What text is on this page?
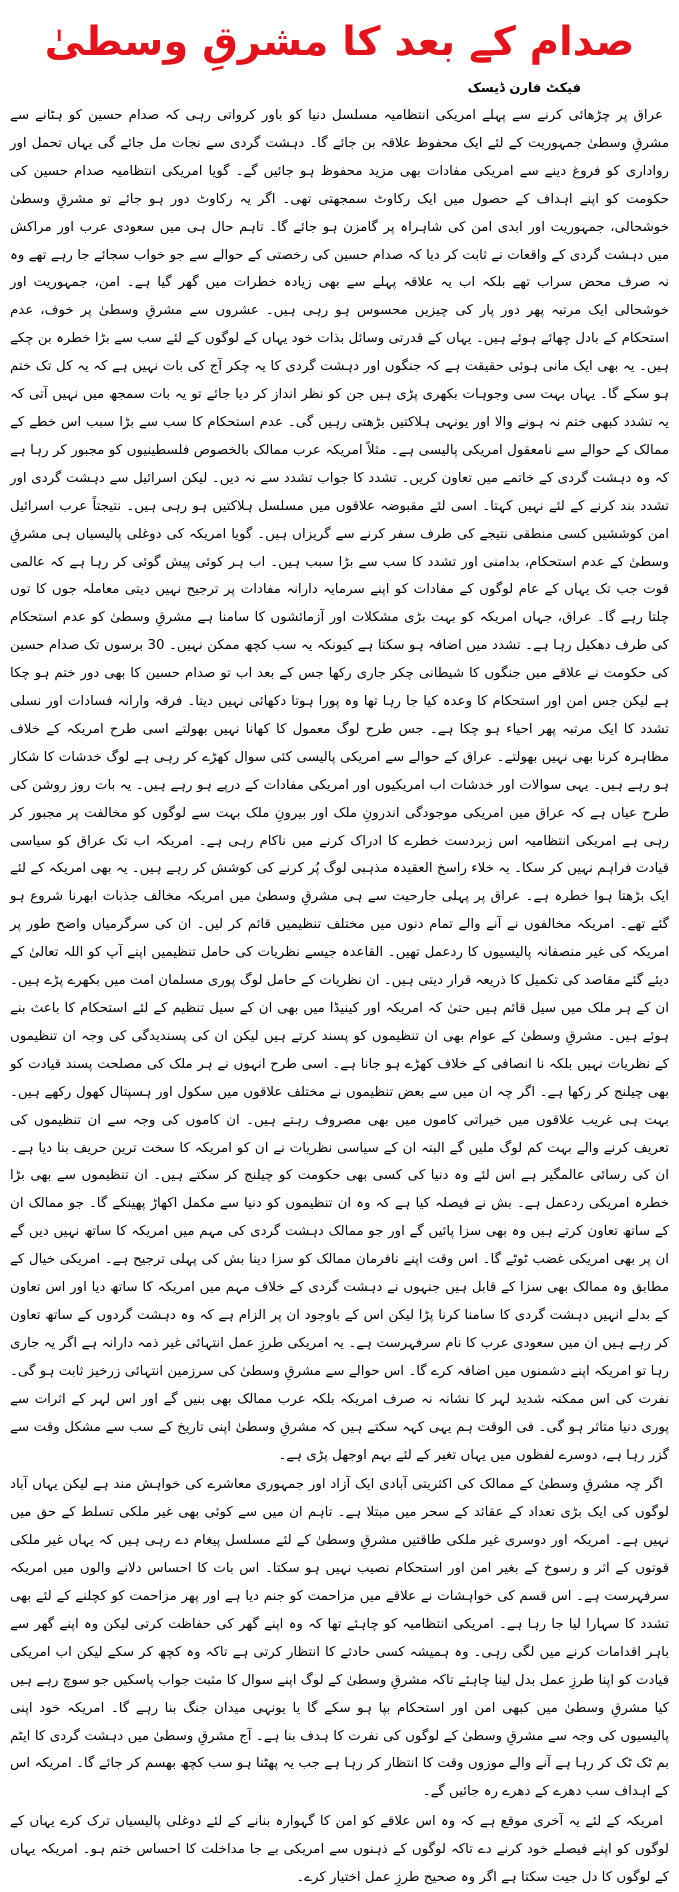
صدام کے بعد کا مشرقِ وسطیٰ
فیکٹ فارن ڈیسک

عراق پر چڑھائی کرنے سے پہلے امریکی انتظامیہ مسلسل دنیا کو باور کرواتی رہی کہ صدام حسین کو ہٹانے سے مشرقِ وسطیٰ جمہوریت کے لئے ایک محفوظ علاقہ بن جائے گا۔ دہشت گردی سے نجات مل جائے گی یہاں تحمل اور رواداری کو فروغ دینے سے امریکی مفادات بھی مزید محفوظ ہو جائیں گے۔ گویا امریکی انتظامیہ صدام حسین کی حکومت کو اپنے اہداف کے حصول میں ایک رکاوٹ سمجھتی تھی۔ اگر یہ رکاوٹ دور ہو جائے تو مشرقِ وسطیٰ خوشحالی، جمہوریت اور ابدی امن کی شاہراہ پر گامزن ہو جائے گا۔ تاہم حال ہی میں سعودی عرب اور مراکش میں دہشت گردی کے واقعات نے ثابت کر دیا کہ صدام حسین کی رخصتی کے حوالے سے جو خواب سجائے جا رہے تھے وہ نہ صرف محض سراب تھے بلکہ اب یہ علاقہ پہلے سے بھی زیادہ خطرات میں گھر گیا ہے۔ امن، جمہوریت اور خوشحالی ایک مرتبہ پھر دور پار کی چیزیں محسوس ہو رہی ہیں۔ عشروں سے مشرقِ وسطیٰ پر خوف، عدم استحکام کے بادل چھائے ہوئے ہیں۔ یہاں کے قدرتی وسائل بذات خود یہاں کے لوگوں کے لئے سب سے بڑا خطرہ بن چکے ہیں۔ یہ بھی ایک مانی ہوئی حقیقت ہے کہ جنگوں اور دہشت گردی کا یہ چکر آج کی بات نہیں ہے کہ یہ کل تک ختم ہو سکے گا۔ یہاں بہت سی وجوہات بکھری پڑی ہیں جن کو نظر انداز کر دیا جائے تو یہ بات سمجھ میں نہیں آتی کہ یہ تشدد کبھی ختم نہ ہونے والا اور یونہی ہلاکتیں بڑھتی رہیں گی۔ عدم استحکام کا سب سے بڑا سبب اس خطے کے ممالک کے حوالے سے نامعقول امریکی پالیسی ہے۔ مثلاً امریکہ عرب ممالک بالخصوص فلسطینیوں کو مجبور کر رہا ہے کہ وہ دہشت گردی کے خاتمے میں تعاون کریں۔ تشدد کا جواب تشدد سے نہ دیں۔ لیکن اسرائیل سے دہشت گردی اور تشدد بند کرنے کے لئے نہیں کہتا۔ اسی لئے مقبوضہ علاقوں میں مسلسل ہلاکتیں ہو رہی ہیں۔ نتیجتاً عرب اسرائیل امن کوششیں کسی منطقی نتیجے کی طرف سفر کرنے سے گریزاں ہیں۔ گویا امریکہ کی دوغلی پالیسیاں ہی مشرقِ وسطیٰ کے عدم استحکام، بدامنی اور تشدد کا سب سے بڑا سبب ہیں۔ اب ہر کوئی پیش گوئی کر رہا ہے کہ عالمی قوت جب تک یہاں کے عام لوگوں کے مفادات کو اپنے سرمایہ دارانہ مفادات پر ترجیح نہیں دیتی معاملہ جوں کا توں چلتا رہے گا۔ عراق، جہاں امریکہ کو بہت بڑی مشکلات اور آزمائشوں کا سامنا ہے مشرقِ وسطیٰ کو عدم استحکام کی طرف دھکیل رہا ہے۔ تشدد میں اضافہ ہو سکتا ہے کیونکہ یہ سب کچھ ممکن نہیں۔ 30 برسوں تک صدام حسین کی حکومت نے علاقے میں جنگوں کا شیطانی چکر جاری رکھا جس کے بعد اب تو صدام حسین کا بھی دور ختم ہو چکا ہے لیکن جس امن اور استحکام کا وعدہ کیا جا رہا تھا وہ پورا ہوتا دکھائی نہیں دیتا۔ فرقہ وارانہ فسادات اور نسلی تشدد کا ایک مرتبہ پھر احیاء ہو چکا ہے۔ جس طرح لوگ معمول کا کھانا نہیں بھولتے اسی طرح امریکہ کے خلاف مظاہرہ کرنا بھی نہیں بھولتے۔ عراق کے حوالے سے امریکی پالیسی کئی سوال کھڑے کر رہی ہے لوگ خدشات کا شکار ہو رہے ہیں۔ یہی سوالات اور خدشات اب امریکیوں اور امریکی مفادات کے درپے ہو رہے ہیں۔ یہ بات روز روشن کی طرح عیاں ہے کہ عراق میں امریکی موجودگی اندرونِ ملک اور بیرونِ ملک بہت سے لوگوں کو مخالفت پر مجبور کر رہی ہے امریکی انتظامیہ اس زبردست خطرے کا ادراک کرنے میں ناکام رہی ہے۔ امریکہ اب تک عراق کو سیاسی قیادت فراہم نہیں کر سکا۔ یہ خلاء راسخ العقیدہ مذہبی لوگ پُر کرنے کی کوشش کر رہے ہیں۔ یہ بھی امریکہ کے لئے ایک بڑھتا ہوا خطرہ ہے۔ عراق پر پہلی جارحیت سے ہی مشرقِ وسطیٰ میں امریکہ مخالف جذبات ابھرنا شروع ہو گئے تھے۔ امریکہ مخالفوں نے آنے والے تمام دنوں میں مختلف تنظیمیں قائم کر لیں۔ ان کی سرگرمیاں واضح طور پر امریکہ کی غیر منصفانہ پالیسیوں کا ردعمل تھیں۔ القاعدہ جیسے نظریات کی حامل تنظیمیں اپنے آپ کو اللہ تعالیٰ کے دیئے گئے مقاصد کی تکمیل کا ذریعہ قرار دیتی ہیں۔ ان نظریات کے حامل لوگ پوری مسلمان امت میں بکھرے پڑے ہیں۔ ان کے ہر ملک میں سیل قائم ہیں حتیٰ کہ امریکہ اور کینیڈا میں بھی ان کے سیل تنظیم کے لئے استحکام کا باعث بنے ہوئے ہیں۔ مشرقِ وسطیٰ کے عوام بھی ان تنظیموں کو پسند کرتے ہیں لیکن ان کی پسندیدگی کی وجہ ان تنظیموں کے نظریات نہیں بلکہ نا انصافی کے خلاف کھڑے ہو جانا ہے۔ اسی طرح انہوں نے ہر ملک کی مصلحت پسند قیادت کو بھی چیلنج کر رکھا ہے۔ اگر چہ ان میں سے بعض تنظیموں نے مختلف علاقوں میں سکول اور ہسپتال کھول رکھے ہیں۔ بہت ہی غریب علاقوں میں خیراتی کاموں میں بھی مصروف رہتے ہیں۔ ان کاموں کی وجہ سے ان تنظیموں کی تعریف کرنے والے بہت کم لوگ ملیں گے البتہ ان کے سیاسی نظریات نے ان کو امریکہ کا سخت ترین حریف بنا دیا ہے۔ ان کی رسائی عالمگیر ہے اس لئے وہ دنیا کی کسی بھی حکومت کو چیلنج کر سکتے ہیں۔ ان تنظیموں سے بھی بڑا خطرہ امریکی ردعمل ہے۔ بش نے فیصلہ کیا ہے کہ وہ ان تنظیموں کو دنیا سے مکمل اکھاڑ پھینکے گا۔ جو ممالک ان کے ساتھ تعاون کرتے ہیں وہ بھی سزا پائیں گے اور جو ممالک دہشت گردی کی مہم میں امریکہ کا ساتھ نہیں دیں گے ان پر بھی امریکی غضب ٹوٹے گا۔ اس وقت اپنے نافرمان ممالک کو سزا دینا بش کی پہلی ترجیح ہے۔ امریکی خیال کے مطابق وہ ممالک بھی سزا کے قابل ہیں جنہوں نے دہشت گردی کے خلاف مہم میں امریکہ کا ساتھ دیا اور اس تعاون کے بدلے انہیں دہشت گردی کا سامنا کرنا پڑا لیکن اس کے باوجود ان پر الزام ہے کہ وہ دہشت گردوں کے ساتھ تعاون کر رہے ہیں ان میں سعودی عرب کا نام سرفہرست ہے۔ یہ امریکی طرزِ عمل انتہائی غیر ذمہ دارانہ ہے اگر یہ جاری رہا تو امریکہ اپنے دشمنوں میں اضافہ کرے گا۔ اس حوالے سے مشرقِ وسطیٰ کی سرزمین انتہائی زرخیز ثابت ہو گی۔ نفرت کی اس ممکنہ شدید لہر کا نشانہ نہ صرف امریکہ بلکہ عرب ممالک بھی بنیں گے اور اس لہر کے اثرات سے پوری دنیا متاثر ہو گی۔ فی الوقت ہم یہی کہہ سکتے ہیں کہ مشرقِ وسطیٰ اپنی تاریخ کے سب سے مشکل وقت سے گزر رہا ہے، دوسرے لفظوں میں یہاں تغیر کے لئے بہم اوجھل پڑی ہے۔

اگر چہ مشرقِ وسطیٰ کے ممالک کی اکثریتی آبادی ایک آزاد اور جمہوری معاشرے کی خواہش مند ہے لیکن یہاں آباد لوگوں کی ایک بڑی تعداد کے عقائد کے سحر میں مبتلا ہے۔ تاہم ان میں سے کوئی بھی غیر ملکی تسلط کے حق میں نہیں ہے۔ امریکہ اور دوسری غیر ملکی طاقتیں مشرقِ وسطیٰ کے لئے مسلسل پیغام دے رہی ہیں کہ یہاں غیر ملکی قوتوں کے اثر و رسوخ کے بغیر امن اور استحکام نصیب نہیں ہو سکتا۔ اس بات کا احساس دلانے والوں میں امریکہ سرفہرست ہے۔ اس قسم کی خواہشات نے علاقے میں مزاحمت کو جنم دیا ہے اور پھر مزاحمت کو کچلنے کے لئے بھی تشدد کا سہارا لیا جا رہا ہے۔ امریکی انتظامیہ کو چاہئے تھا کہ وہ اپنے گھر کی حفاظت کرتی لیکن وہ اپنے گھر سے باہر اقدامات کرنے میں لگی رہی۔ وہ ہمیشہ کسی حادثے کا انتظار کرتی ہے تاکہ وہ کچھ کر سکے لیکن اب امریکی قیادت کو اپنا طرزِ عمل بدل لینا چاہئے تاکہ مشرقِ وسطیٰ کے لوگ اپنے سوال کا مثبت جواب پاسکیں جو سوچ رہے ہیں کیا مشرقِ وسطیٰ میں کبھی امن اور استحکام بپا ہو سکے گا یا یونہی میدان جنگ بنا رہے گا۔ امریکہ خود اپنی پالیسیوں کی وجہ سے مشرقِ وسطیٰ کے لوگوں کی نفرت کا ہدف بنا ہے۔ آج مشرقِ وسطیٰ میں دہشت گردی کا ایٹم بم ٹک ٹک کر رہا ہے آنے والے موزوں وقت کا انتظار کر رہا ہے جب یہ پھٹنا ہو سب کچھ بھسم کر جائے گا۔ امریکہ اس کے اہداف سب دھرے کے دھرے رہ جائیں گے۔

امریکہ کے لئے یہ آخری موقع ہے کہ وہ اس علاقے کو امن کا گہوارہ بنانے کے لئے دوغلی پالیسیاں ترک کرے یہاں کے لوگوں کو اپنے فیصلے خود کرنے دے تاکہ لوگوں کے ذہنوں سے امریکی بے جا مداخلت کا احساس ختم ہو۔ امریکہ یہاں کے لوگوں کا دل جیت سکتا ہے اگر وہ صحیح طرزِ عمل اختیار کرے۔
